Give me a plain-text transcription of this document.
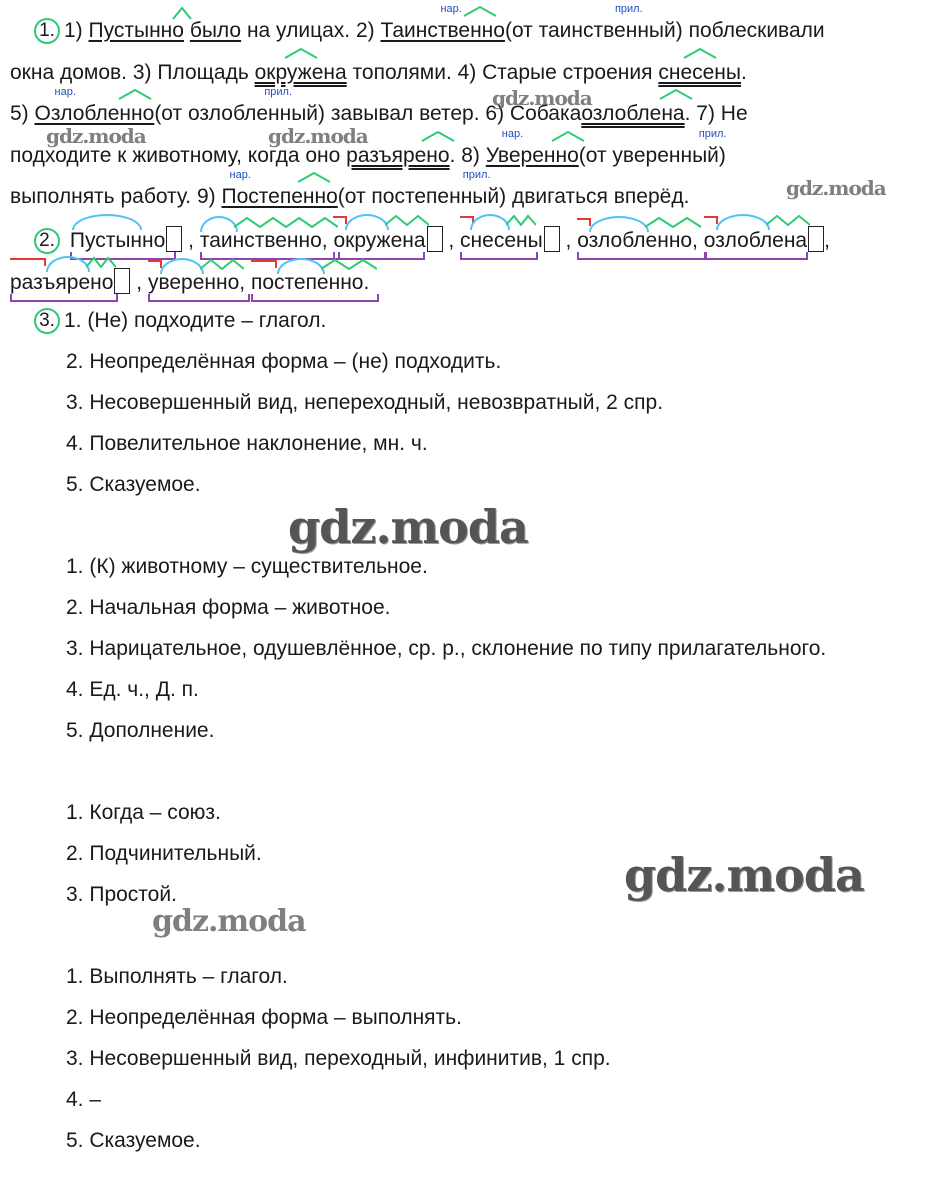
1. 1) Пустынно было на улицах. 2)
нар.
Таинственно
прил.
(от таинственный) поблескивали
окна домов. 3) Площадь
окружена тополями. 4) Старые строения
снесены.
5)
нар.
Озлобленно
прил.
(от озлобленный) завывал ветер. 6) Собака
озлоблена. 7) Не
подходите к животному, когда оно
разъярено. 8)
нар.
Уверенно
прил.
(от уверенный)
выполнять работу. 9)
нар.
Постепенно
прил.
(от постепенный) двигаться вперёд.
2. Пустынно ,
таинственно,
окружена ,
снесены ,
озлобленно,
озлоблена ,
разъярено ,
уверенно,
постепенно.
3. 1. (Не) подходите – глагол.
2. Неопределённая форма – (не) подходить.
3. Несовершенный вид, непереходный, невозвратный, 2 спр.
4. Повелительное наклонение, мн. ч.
5. Сказуемое.
1. (К) животному – существительное.
2. Начальная форма – животное.
3. Нарицательное, одушевлённое, ср. р., склонение по типу прилагательного.
4. Ед. ч., Д. п.
5. Дополнение.
1. Когда – союз.
2. Подчинительный.
3. Простой.
1. Выполнять – глагол.
2. Неопределённая форма – выполнять.
3. Несовершенный вид, переходный, инфинитив, 1 спр.
4. –
5. Сказуемое.
gdz.moda
gdz.moda	gdz.moda
gdz.moda
gdz.moda
gdz.moda
gdz.moda
